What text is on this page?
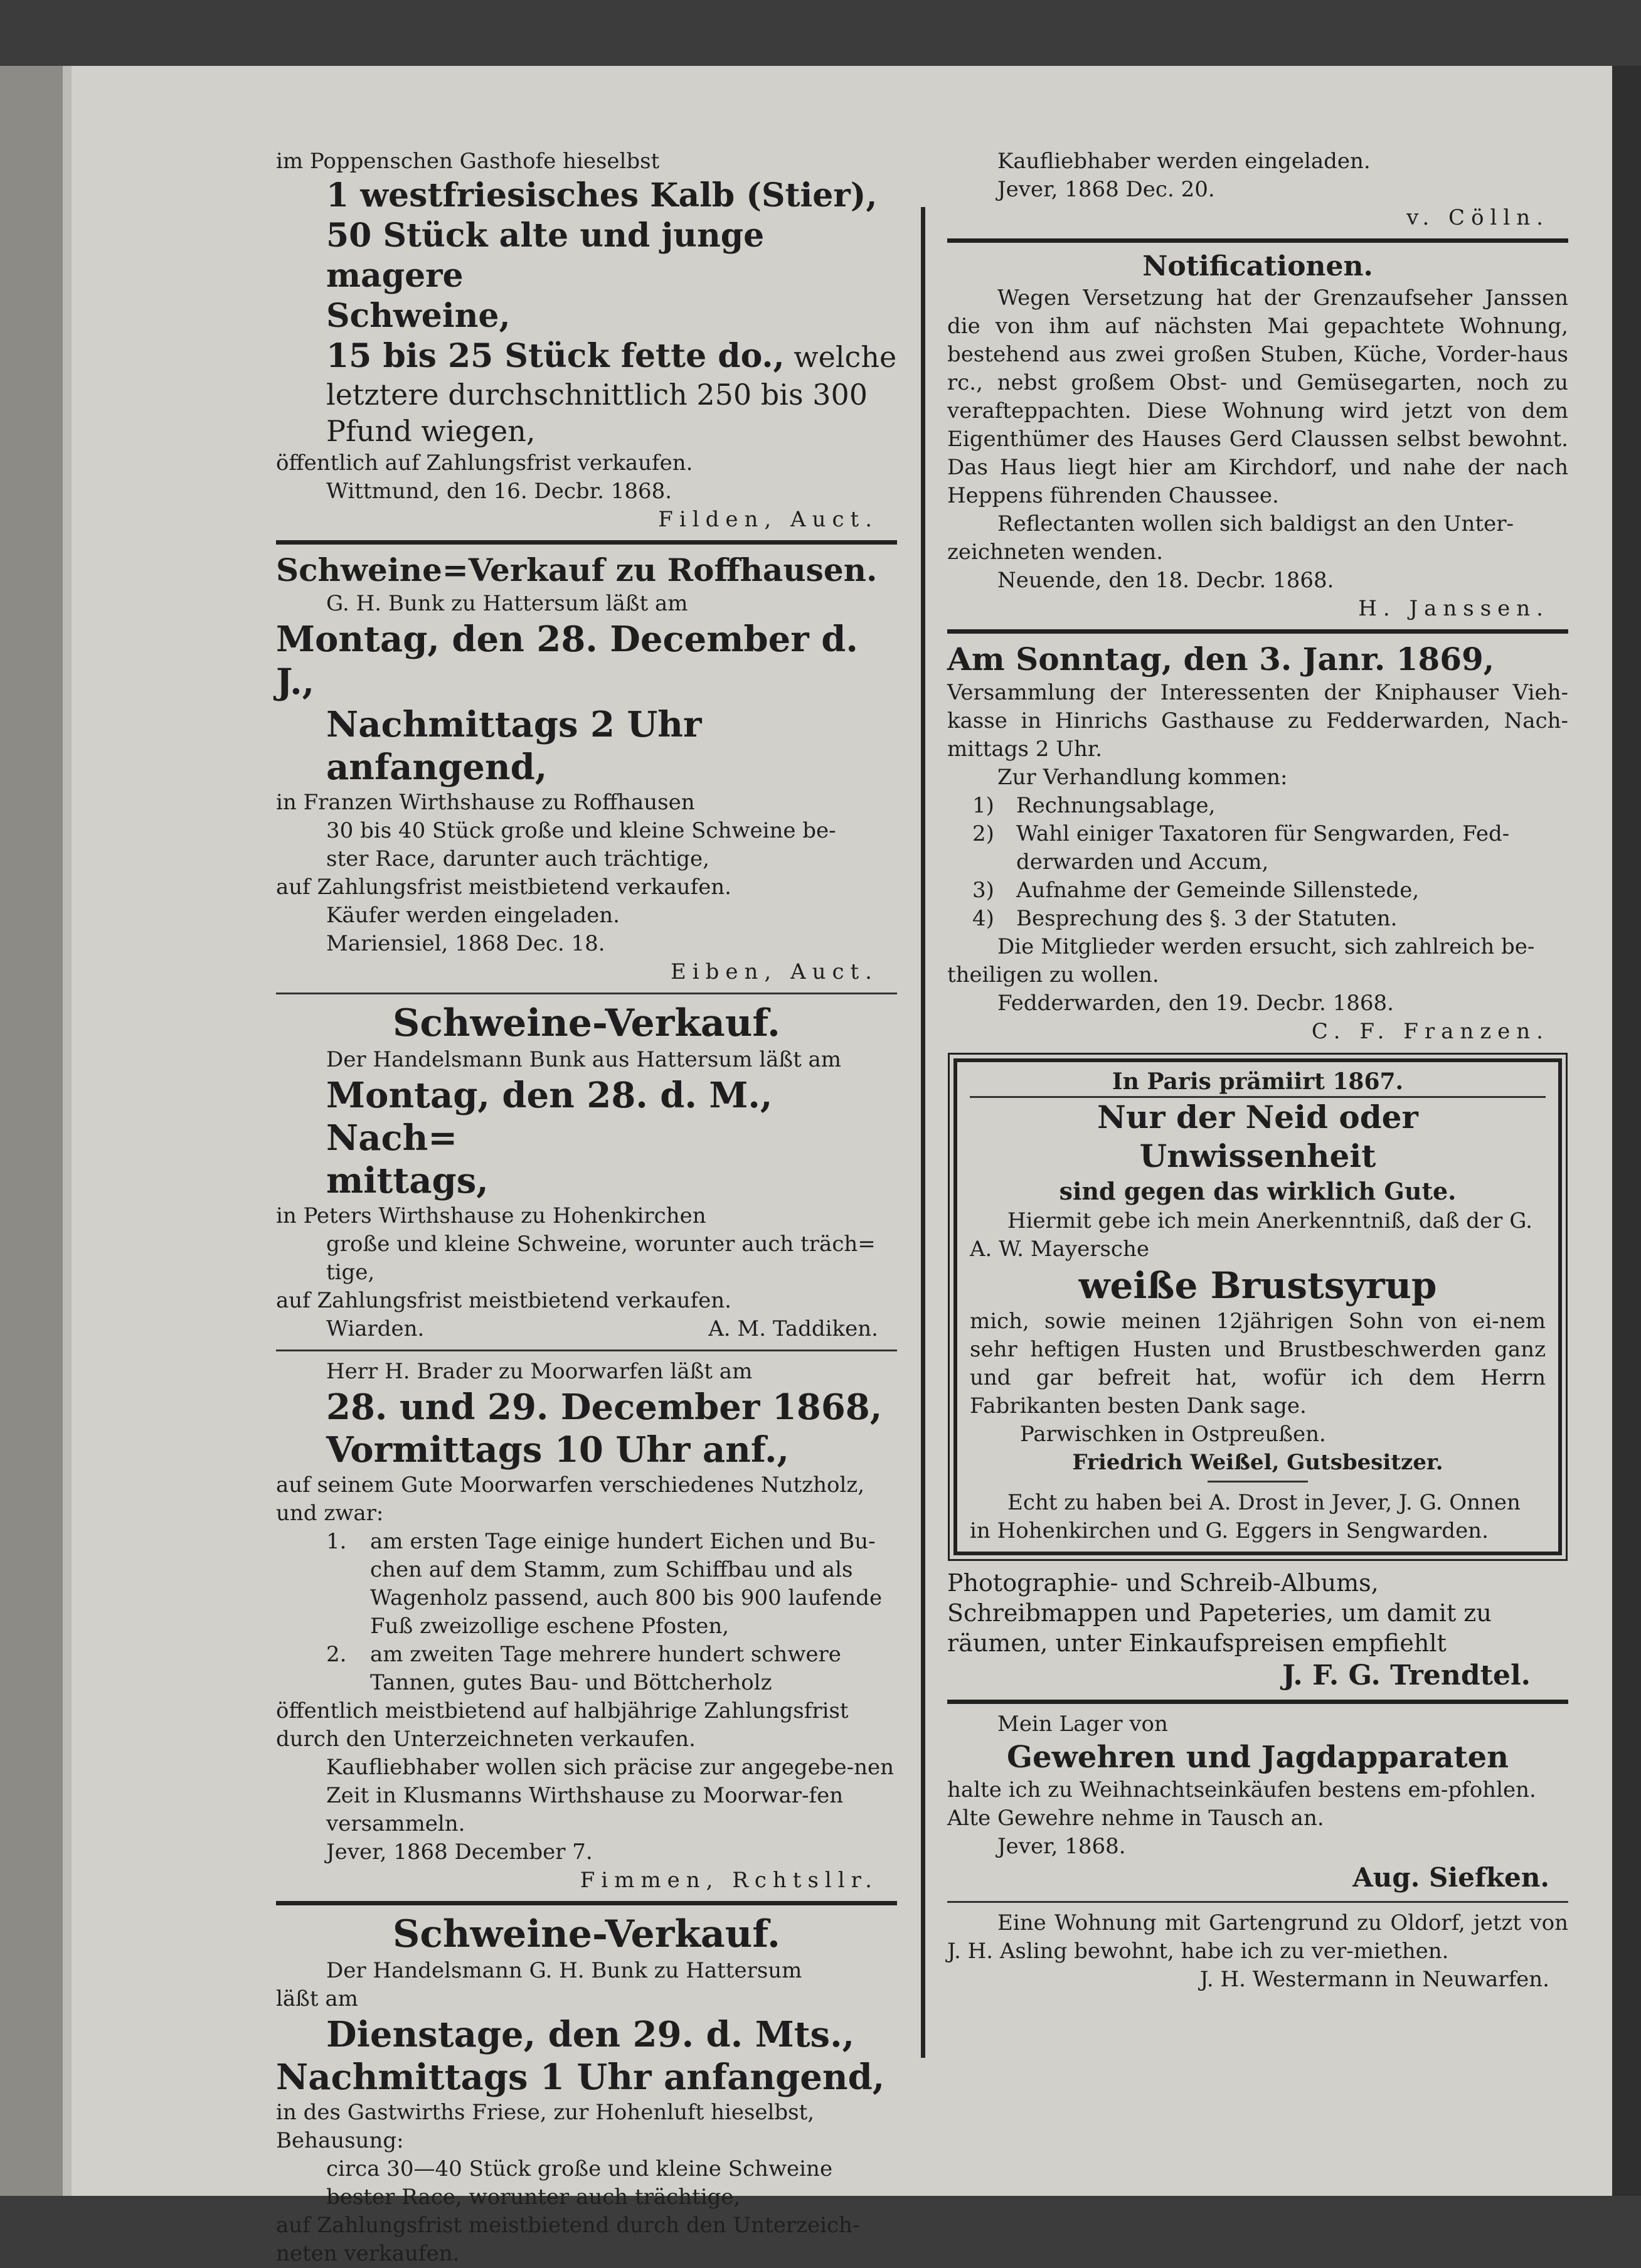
im Poppenschen Gasthofe hieselbst

1 westfriesisches Kalb (Stier),

50 Stück alte und junge magere

Schweine,

15 bis 25 Stück fette do., welche

letztere durchschnittlich 250 bis 300

Pfund wiegen,

öffentlich auf Zahlungsfrist verkaufen.

Wittmund, den 16. Decbr. 1868.

Filden, Auct.

Schweine=Verkauf zu Roffhausen.

G. H. Bunk zu Hattersum läßt am

Montag, den 28. December d. J.,

Nachmittags 2 Uhr anfangend,

in Franzen Wirthshause zu Roffhausen

30 bis 40 Stück große und kleine Schweine be-

ster Race, darunter auch trächtige,

auf Zahlungsfrist meistbietend verkaufen.

Käufer werden eingeladen.

Mariensiel, 1868 Dec. 18.

Eiben, Auct.

Schweine-Verkauf.

Der Handelsmann Bunk aus Hattersum läßt am

Montag, den 28. d. M., Nach=

mittags,

in Peters Wirthshause zu Hohenkirchen

große und kleine Schweine, worunter auch träch=

tige,

auf Zahlungsfrist meistbietend verkaufen.

Wiarden.	A. M. Taddiken.

Herr H. Brader zu Moorwarfen läßt am

28. und 29. December 1868,

Vormittags 10 Uhr anf.,

auf seinem Gute Moorwarfen verschiedenes Nutzholz,

und zwar:

1.	am ersten Tage einige hundert Eichen und Bu-chen auf dem Stamm, zum Schiffbau und als Wagenholz passend, auch 800 bis 900 laufende Fuß zweizollige eschene Pfosten,
2.	am zweiten Tage mehrere hundert schwere Tannen, gutes Bau- und Böttcherholz

öffentlich meistbietend auf halbjährige Zahlungsfrist durch den Unterzeichneten verkaufen.

Kaufliebhaber wollen sich präcise zur angegebe-nen Zeit in Klusmanns Wirthshause zu Moorwar-fen versammeln.

Jever, 1868 December 7.

Fimmen, Rchtsllr.

Schweine-Verkauf.

Der Handelsmann G. H. Bunk zu Hattersum

läßt am

Dienstage, den 29. d. Mts.,

Nachmittags 1 Uhr anfangend,

in des Gastwirths Friese, zur Hohenluft hieselbst,

Behausung:

circa 30—40 Stück große und kleine Schweine

bester Race, worunter auch trächtige,

auf Zahlungsfrist meistbietend durch den Unterzeich-

neten verkaufen.

Kaufliebhaber werden eingeladen.

Jever, 1868 Dec. 20.

v. Cölln.

Notificationen.

Wegen Versetzung hat der Grenzaufseher Janssen die von ihm auf nächsten Mai gepachtete Wohnung, bestehend aus zwei großen Stuben, Küche, Vorder-haus rc., nebst großem Obst- und Gemüsegarten, noch zu veraftерpachten. Diese Wohnung wird jetzt von dem Eigenthümer des Hauses Gerd Claussen selbst bewohnt. Das Haus liegt hier am Kirchdorf, und nahe der nach Heppens führenden Chaussee.

Reflectanten wollen sich baldigst an den Unter-zeichneten wenden.

Neuende, den 18. Decbr. 1868.

H. Janssen.

Am Sonntag, den 3. Janr. 1869,

Versammlung der Interessenten der Kniphauser Vieh-kasse in Hinrichs Gasthause zu Fedderwarden, Nach-mittags 2 Uhr.

Zur Verhandlung kommen:

1)	Rechnungsablage,
2)	Wahl einiger Taxatoren für Sengwarden, Fed-derwarden und Accum,
3)	Aufnahme der Gemeinde Sillenstede,
4)	Besprechung des §. 3 der Statuten.

Die Mitglieder werden ersucht, sich zahlreich be-theiligen zu wollen.

Fedderwarden, den 19. Decbr. 1868.

C. F. Franzen.

In Paris prämiirt 1867.

Nur der Neid oder

Unwissenheit

sind gegen das wirklich Gute.

Hiermit gebe ich mein Anerkenntniß, daß der G. A. W. Mayersche

weiße Brustsyrup

mich, sowie meinen 12jährigen Sohn von ei-nem sehr heftigen Husten und Brustbeschwerden ganz und gar befreit hat, wofür ich dem Herrn Fabrikanten besten Dank sage.

Parwischken in Ostpreußen.

Friedrich Weißel, Gutsbesitzer.

Echt zu haben bei A. Drost in Jever, J. G. Onnen in Hohenkirchen und G. Eggers in Sengwarden.

Photographie- und Schreib-Albums, Schreibmappen und Papeteries, um damit zu räumen, unter Einkaufspreisen empfiehlt

J. F. G. Trendtel.

Mein Lager von

Gewehren und Jagdapparaten

halte ich zu Weihnachtseinkäufen bestens em-pfohlen. Alte Gewehre nehme in Tausch an.

Jever, 1868.

Aug. Siefken.

Eine Wohnung mit Gartengrund zu Oldorf, jetzt von J. H. Asling bewohnt, habe ich zu ver-miethen.

J. H. Westermann in Neuwarfen.
